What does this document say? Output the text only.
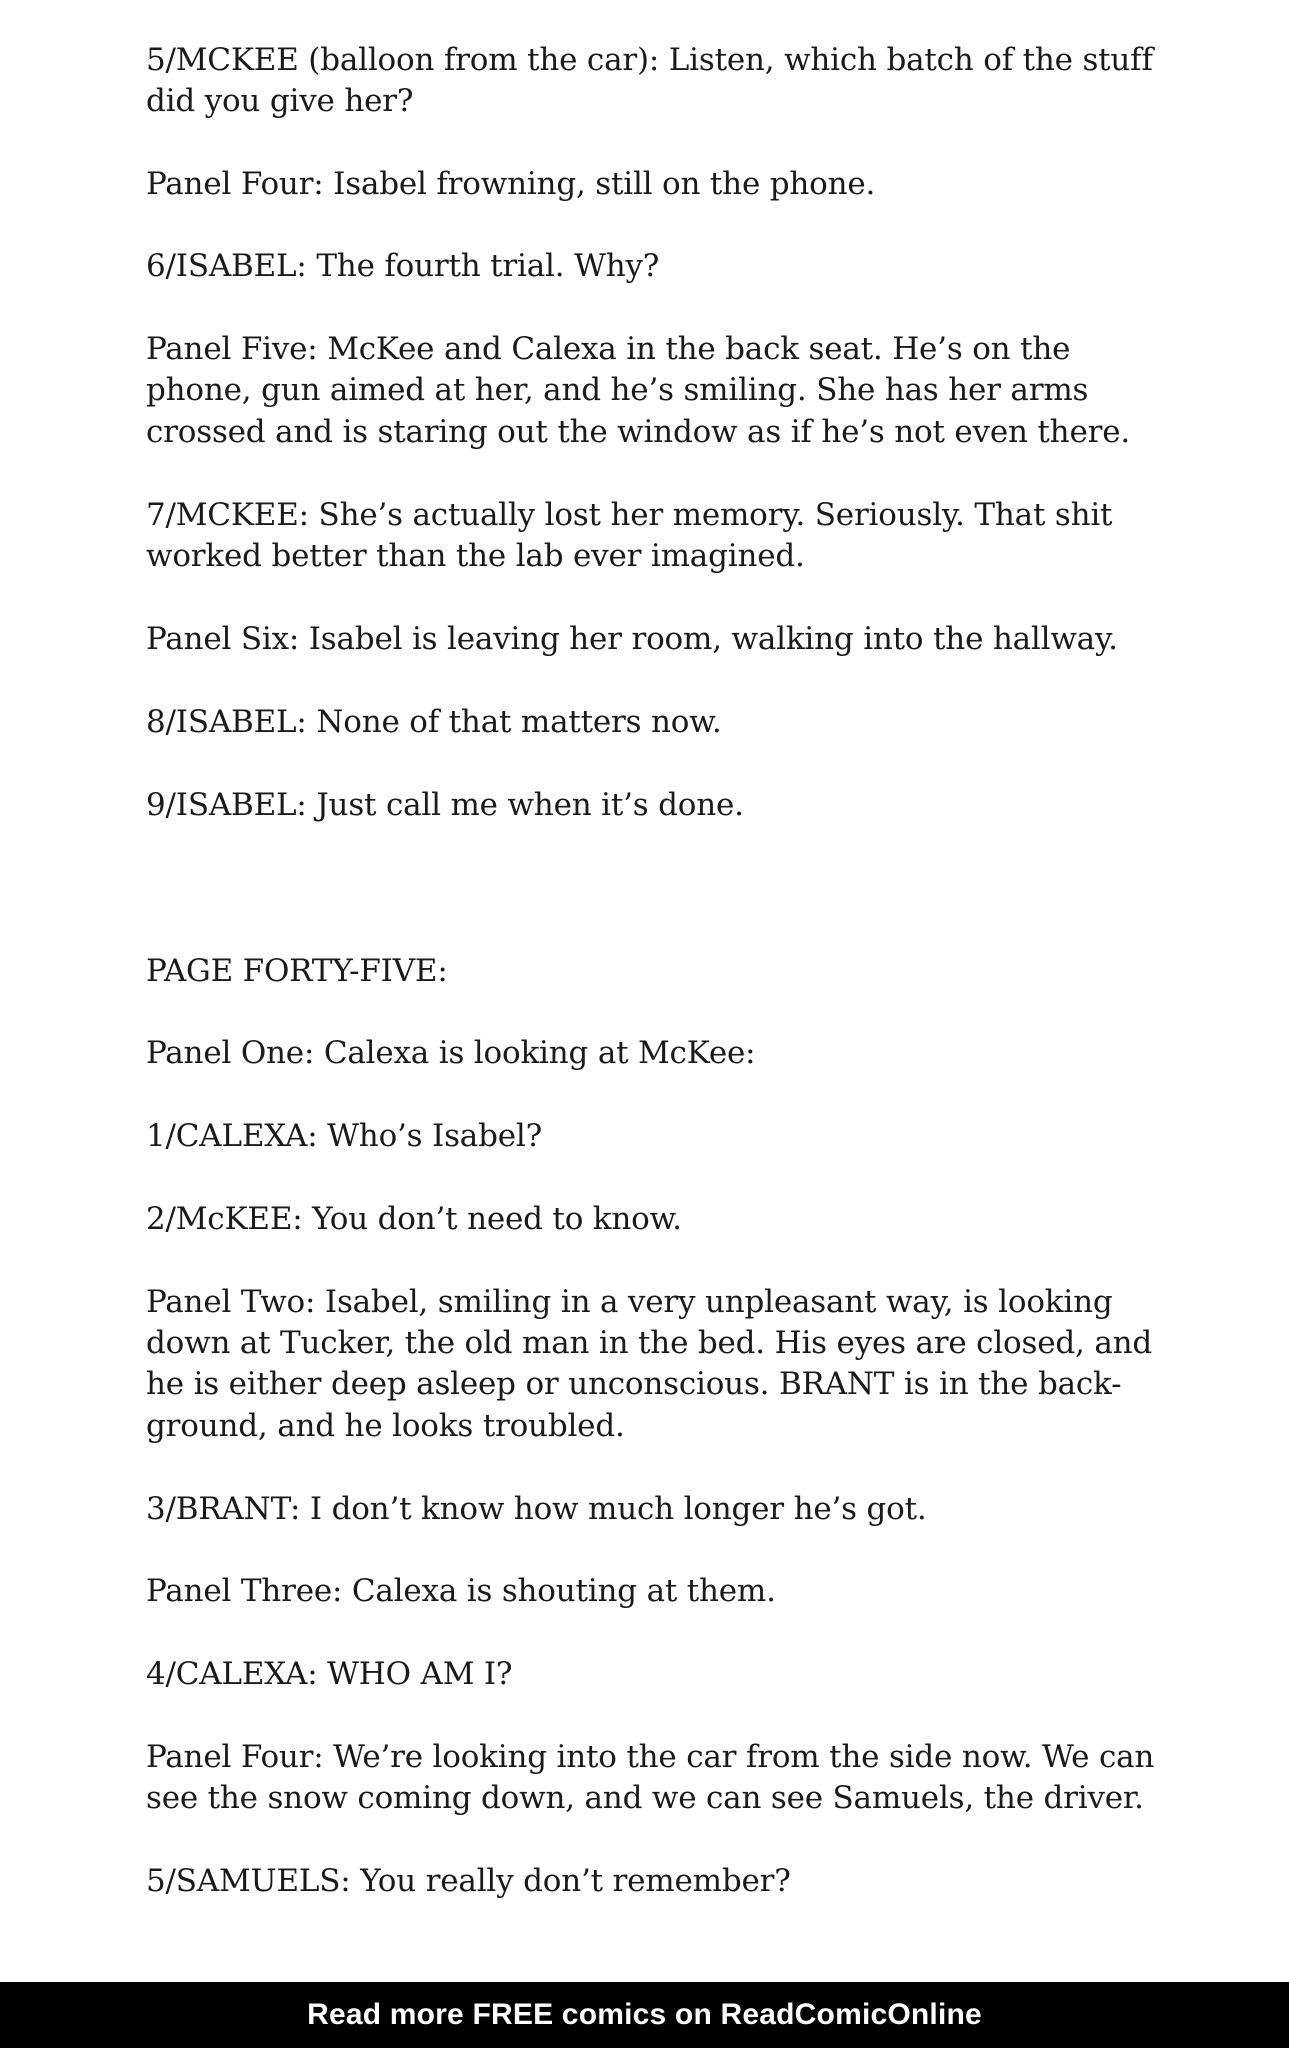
5/MCKEE (balloon from the car): Listen, which batch of the stuff

did you give her?

Panel Four: Isabel frowning, still on the phone.

6/ISABEL: The fourth trial. Why?

Panel Five: McKee and Calexa in the back seat. He’s on the

phone, gun aimed at her, and he’s smiling. She has her arms

crossed and is staring out the window as if he’s not even there.

7/MCKEE: She’s actually lost her memory. Seriously. That shit

worked better than the lab ever imagined.

Panel Six: Isabel is leaving her room, walking into the hallway.

8/ISABEL: None of that matters now.

9/ISABEL: Just call me when it’s done.

PAGE FORTY-FIVE:

Panel One: Calexa is looking at McKee:

1/CALEXA: Who’s Isabel?

2/McKEE: You don’t need to know.

Panel Two: Isabel, smiling in a very unpleasant way, is looking

down at Tucker, the old man in the bed. His eyes are closed, and

he is either deep asleep or unconscious. BRANT is in the back-

ground, and he looks troubled.

3/BRANT: I don’t know how much longer he’s got.

Panel Three: Calexa is shouting at them.

4/CALEXA: WHO AM I?

Panel Four: We’re looking into the car from the side now. We can

see the snow coming down, and we can see Samuels, the driver.

5/SAMUELS: You really don’t remember?

Read more FREE comics on ReadComicOnline
